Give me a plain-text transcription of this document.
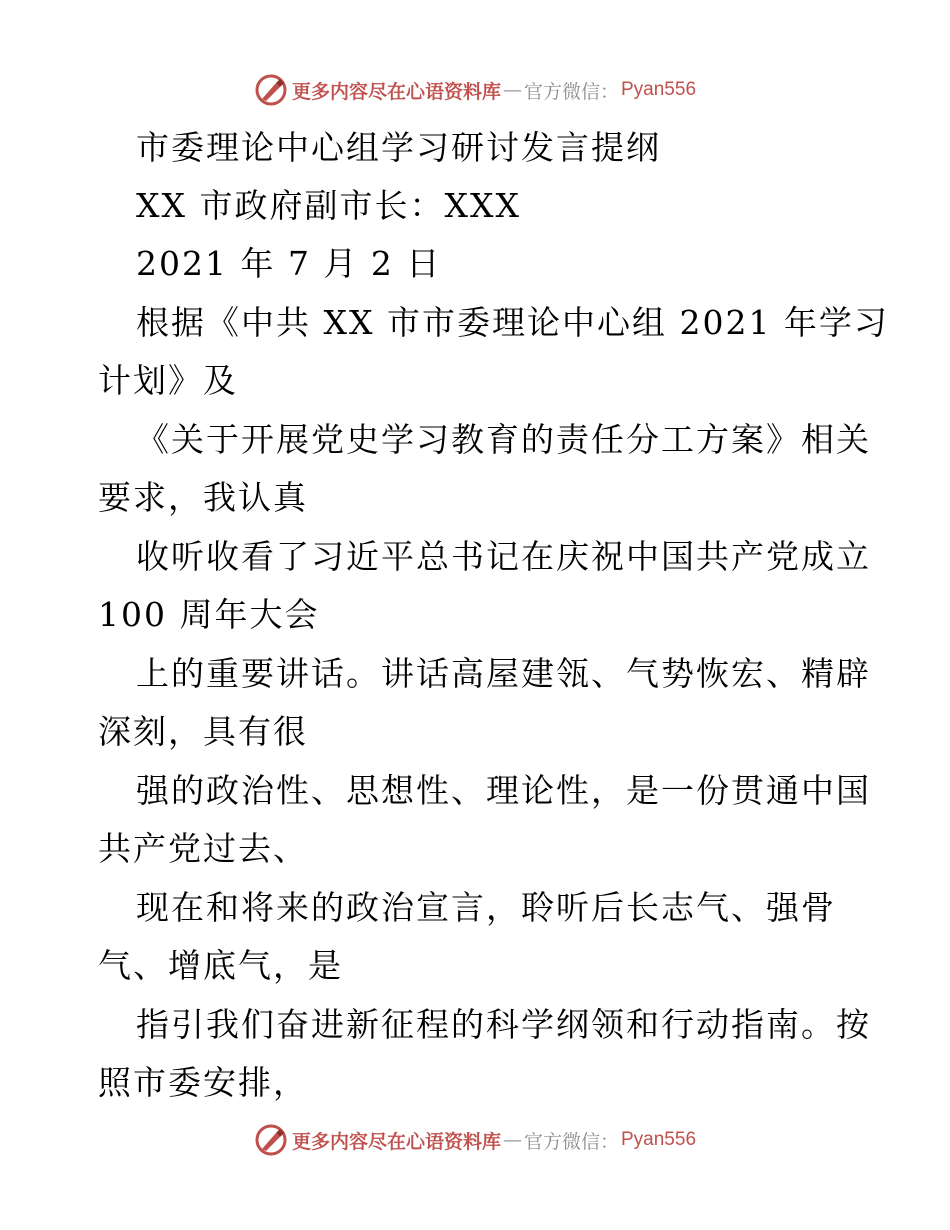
更多内容尽在心语资料库 — 官方微信： Pyan556
市委理论中心组学习研讨发言提纲
XX 市政府副市长：XXX
2021 年 7 月 2 日
根据《中共 XX 市市委理论中心组 2021 年学习
计划》及
《关于开展党史学习教育的责任分工方案》相关
要求，我认真
收听收看了习近平总书记在庆祝中国共产党成立
100 周年大会
上的重要讲话。讲话高屋建瓴、气势恢宏、精辟
深刻，具有很
强的政治性、思想性、理论性，是一份贯通中国
共产党过去、
现在和将来的政治宣言，聆听后长志气、强骨
气、增底气，是
指引我们奋进新征程的科学纲领和行动指南。按
照市委安排，
更多内容尽在心语资料库 — 官方微信： Pyan556
